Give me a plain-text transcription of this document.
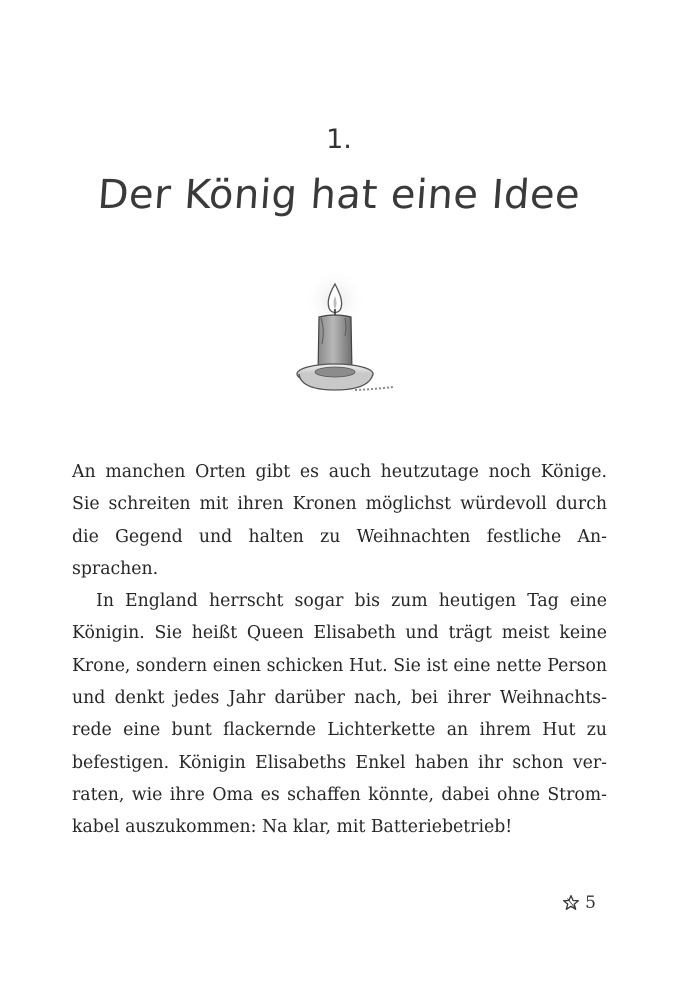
1.
Der König hat eine Idee
An manchen Orten gibt es auch heutzutage noch Könige.
Sie schreiten mit ihren Kronen möglichst würdevoll durch
die Gegend und halten zu Weihnachten festliche An-
sprachen.
In England herrscht sogar bis zum heutigen Tag eine
Königin. Sie heißt Queen Elisabeth und trägt meist keine
Krone, sondern einen schicken Hut. Sie ist eine nette Person
und denkt jedes Jahr darüber nach, bei ihrer Weihnachts-
rede eine bunt flackernde Lichterkette an ihrem Hut zu
befestigen. Königin Elisabeths Enkel haben ihr schon ver-
raten, wie ihre Oma es schaffen könnte, dabei ohne Strom-
kabel auszukommen: Na klar, mit Batteriebetrieb!
5
